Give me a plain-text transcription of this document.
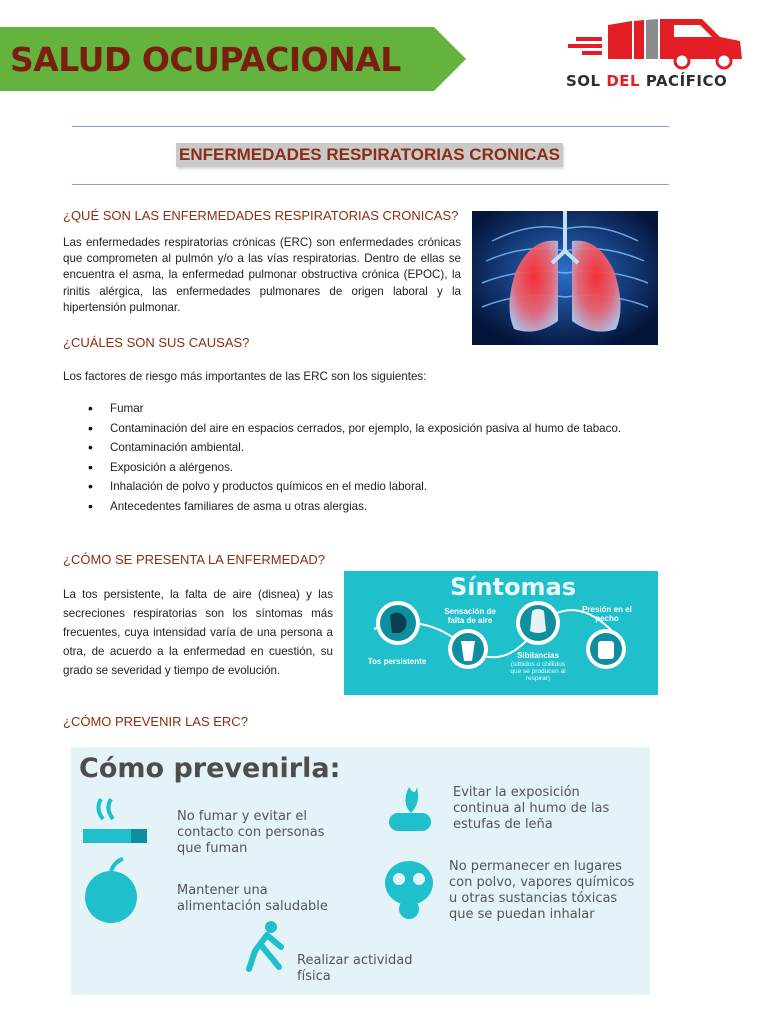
SALUD OCUPACIONAL
SOL DEL PACÍFICO
ENFERMEDADES RESPIRATORIAS CRONICAS
¿QUÉ SON LAS ENFERMEDADES RESPIRATORIAS CRONICAS?
Las enfermedades respiratorias crónicas (ERC) son enfermedades crónicas que comprometen al pulmón y/o a las vías respiratorias. Dentro de ellas se encuentra el asma, la enfermedad pulmonar obstructiva crónica (EPOC), la rinitis alérgica, las enfermedades pulmonares de origen laboral y la hipertensión pulmonar.
¿CUÁLES SON SUS CAUSAS?
Los factores de riesgo más importantes de las ERC son los siguientes:
• Fumar
• Contaminación del aire en espacios cerrados, por ejemplo, la exposición pasiva al humo de tabaco.
• Contaminación ambiental.
• Exposición a alérgenos.
• Inhalación de polvo y productos químicos en el medio laboral.
• Antecedentes familiares de asma u otras alergias.
¿CÓMO SE PRESENTA LA ENFERMEDAD?
La tos persistente, la falta de aire (disnea) y las secreciones respiratorias son los síntomas más frecuentes, cuya intensidad varía de una persona a otra, de acuerdo a la enfermedad en cuestión, su grado se severidad y tiempo de evolución.
Síntomas
Tos persistente
Sensación de falta de aire
Sibilancias
(silbidos o chillidos que se producen al respirar)
Presión en el pecho
¿CÓMO PREVENIR LAS ERC?
Cómo prevenirla:
No fumar y evitar el contacto con personas que fuman
Mantener una alimentación saludable
Realizar actividad física
Evitar la exposición continua al humo de las estufas de leña
No permanecer en lugares con polvo, vapores químicos u otras sustancias tóxicas que se puedan inhalar
